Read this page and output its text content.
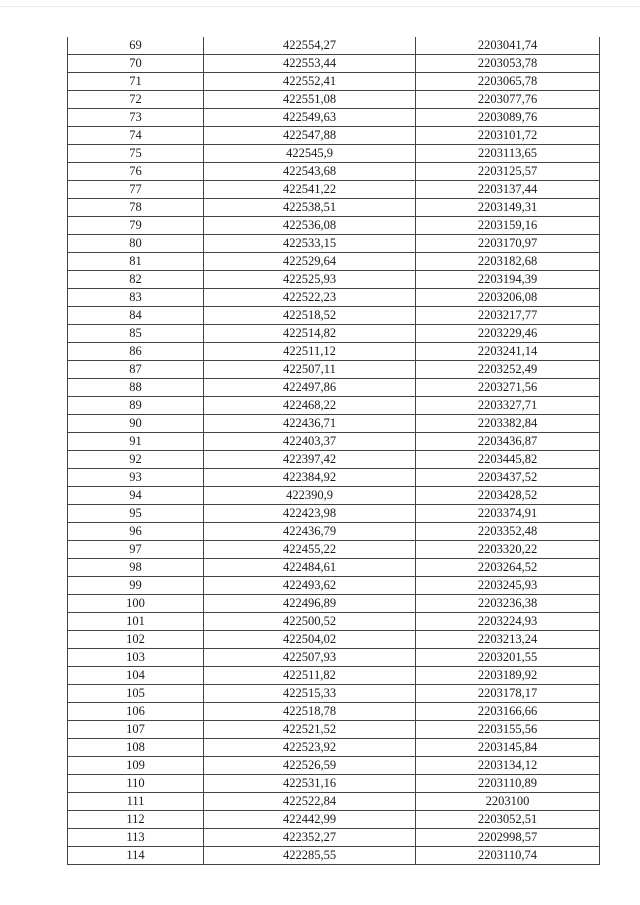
69	422554,27	2203041,74
70	422553,44	2203053,78
71	422552,41	2203065,78
72	422551,08	2203077,76
73	422549,63	2203089,76
74	422547,88	2203101,72
75	422545,9	2203113,65
76	422543,68	2203125,57
77	422541,22	2203137,44
78	422538,51	2203149,31
79	422536,08	2203159,16
80	422533,15	2203170,97
81	422529,64	2203182,68
82	422525,93	2203194,39
83	422522,23	2203206,08
84	422518,52	2203217,77
85	422514,82	2203229,46
86	422511,12	2203241,14
87	422507,11	2203252,49
88	422497,86	2203271,56
89	422468,22	2203327,71
90	422436,71	2203382,84
91	422403,37	2203436,87
92	422397,42	2203445,82
93	422384,92	2203437,52
94	422390,9	2203428,52
95	422423,98	2203374,91
96	422436,79	2203352,48
97	422455,22	2203320,22
98	422484,61	2203264,52
99	422493,62	2203245,93
100	422496,89	2203236,38
101	422500,52	2203224,93
102	422504,02	2203213,24
103	422507,93	2203201,55
104	422511,82	2203189,92
105	422515,33	2203178,17
106	422518,78	2203166,66
107	422521,52	2203155,56
108	422523,92	2203145,84
109	422526,59	2203134,12
110	422531,16	2203110,89
111	422522,84	2203100
112	422442,99	2203052,51
113	422352,27	2202998,57
114	422285,55	2203110,74
